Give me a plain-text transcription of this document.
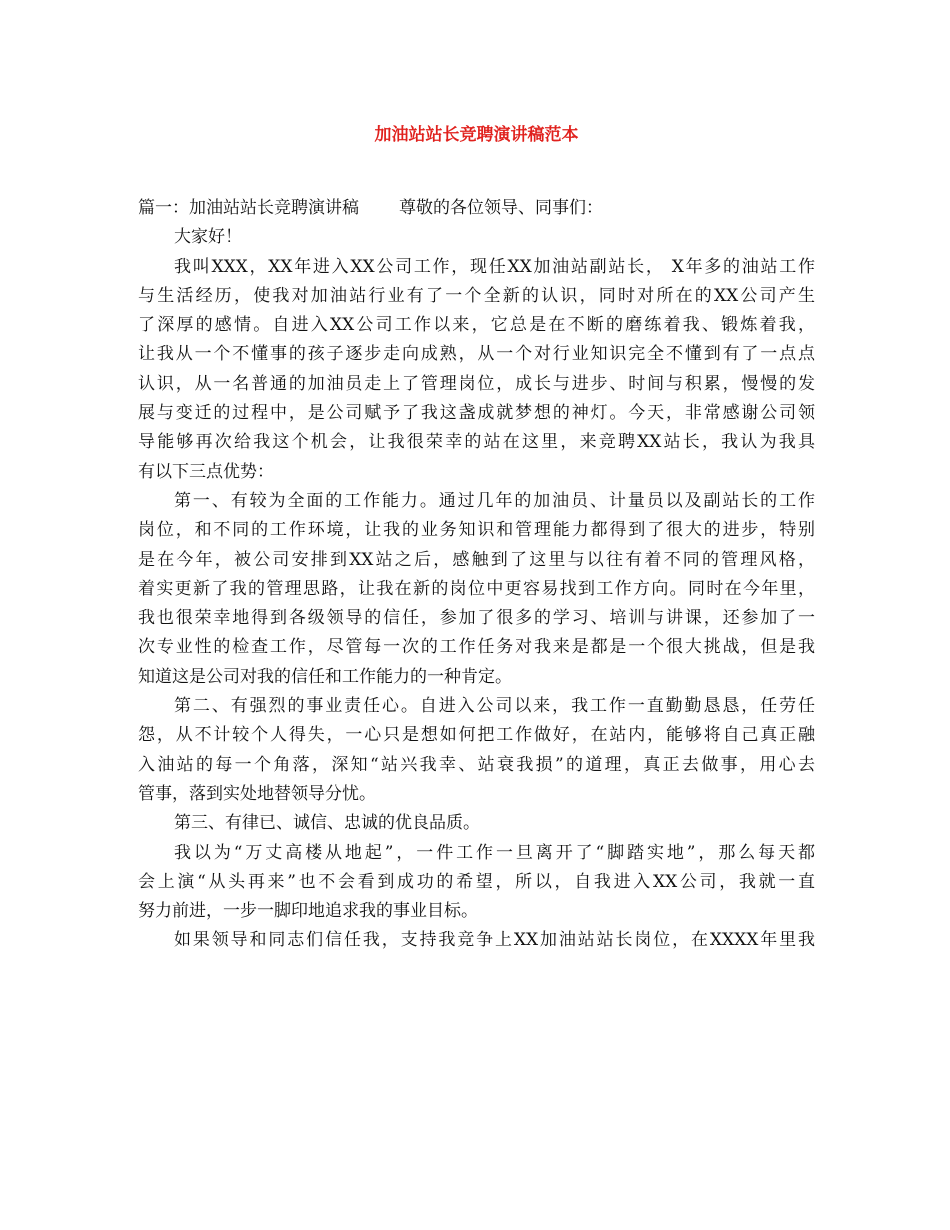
加油站站长竞聘演讲稿范本
篇一：加油站站长竞聘演讲稿 尊敬的各位领导、同事们：
大家好！
我叫XXX，XX年进入XX公司工作，现任XX加油站副站长， X年多的油站工作
与生活经历，使我对加油站行业有了一个全新的认识，同时对所在的XX公司产生
了深厚的感情。自进入XX公司工作以来，它总是在不断的磨练着我、锻炼着我，
让我从一个不懂事的孩子逐步走向成熟，从一个对行业知识完全不懂到有了一点点
认识，从一名普通的加油员走上了管理岗位，成长与进步、时间与积累，慢慢的发
展与变迁的过程中，是公司赋予了我这盏成就梦想的神灯。今天，非常感谢公司领
导能够再次给我这个机会，让我很荣幸的站在这里，来竞聘XX站长，我认为我具
有以下三点优势：
第一、有较为全面的工作能力。通过几年的加油员、计量员以及副站长的工作
岗位，和不同的工作环境，让我的业务知识和管理能力都得到了很大的进步，特别
是在今年，被公司安排到XX站之后，感触到了这里与以往有着不同的管理风格，
着实更新了我的管理思路，让我在新的岗位中更容易找到工作方向。同时在今年里，
我也很荣幸地得到各级领导的信任，参加了很多的学习、培训与讲课，还参加了一
次专业性的检查工作，尽管每一次的工作任务对我来是都是一个很大挑战，但是我
知道这是公司对我的信任和工作能力的一种肯定。
第二、有强烈的事业责任心。自进入公司以来，我工作一直勤勤恳恳，任劳任
怨，从不计较个人得失，一心只是想如何把工作做好，在站内，能够将自己真正融
入油站的每一个角落，深知“站兴我幸、站衰我损”的道理，真正去做事，用心去
管事，落到实处地替领导分忧。
第三、有律已、诚信、忠诚的优良品质。
我以为“万丈高楼从地起”，一件工作一旦离开了“脚踏实地”，那么每天都
会上演“从头再来”也不会看到成功的希望，所以，自我进入XX公司，我就一直
努力前进，一步一脚印地追求我的事业目标。
如果领导和同志们信任我，支持我竞争上XX加油站站长岗位，在XXXX年里我
